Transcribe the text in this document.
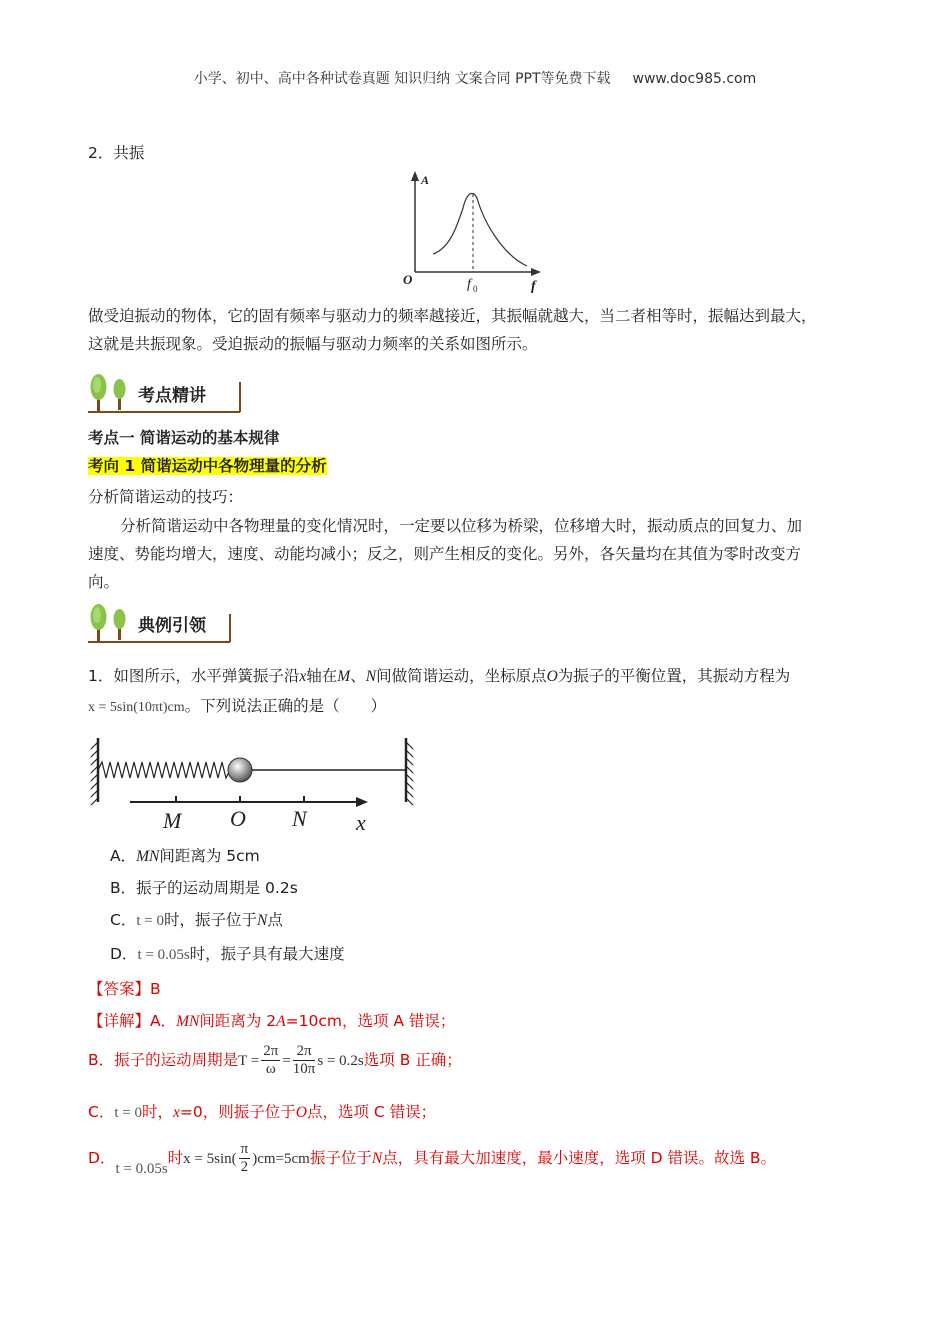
小学、初中、高中各种试卷真题 知识归纳 文案合同 PPT等免费下载 www.doc985.com
2．共振
A
f
O	f 0
做受迫振动的物体，它的固有频率与驱动力的频率越接近，其振幅就越大，当二者相等时，振幅达到最大，
这就是共振现象。受迫振动的振幅与驱动力频率的关系如图所示。
考点精讲
考点一 简谐运动的基本规律
考向 1 简谐运动中各物理量的分析
分析简谐运动的技巧：
分析简谐运动中各物理量的变化情况时，一定要以位移为桥梁，位移增大时，振动质点的回复力、加
速度、势能均增大，速度、动能均减小；反之，则产生相反的变化。另外，各矢量均在其值为零时改变方
向。
典例引领
1．如图所示，水平弹簧振子沿x轴在M、N间做简谐运动，坐标原点O为振子的平衡位置，其振动方程为
x = 5sin(10πt)cm。下列说法正确的是（　　）
M O N x
A．MN间距离为 5cm
B．振子的运动周期是 0.2s
C．t = 0时，振子位于N点
D．t = 0.05s时，振子具有最大速度
【答案】B
【详解】A．MN间距离为 2A=10cm，选项 A 错误；
B．振子的运动周期是$T = \frac{2\pi}{\omega} = \frac{2\pi}{10\pi}$ s = 0.2s选项 B 正确；
C．t = 0时，x=0，则振子位于O点，选项 C 错误；
D．t = 0.05s时$x = 5\sin( \frac{\pi}{2} )cm=5cm$振子位于N点，具有最大加速度，最小速度，选项 D 错误。故选 B。
